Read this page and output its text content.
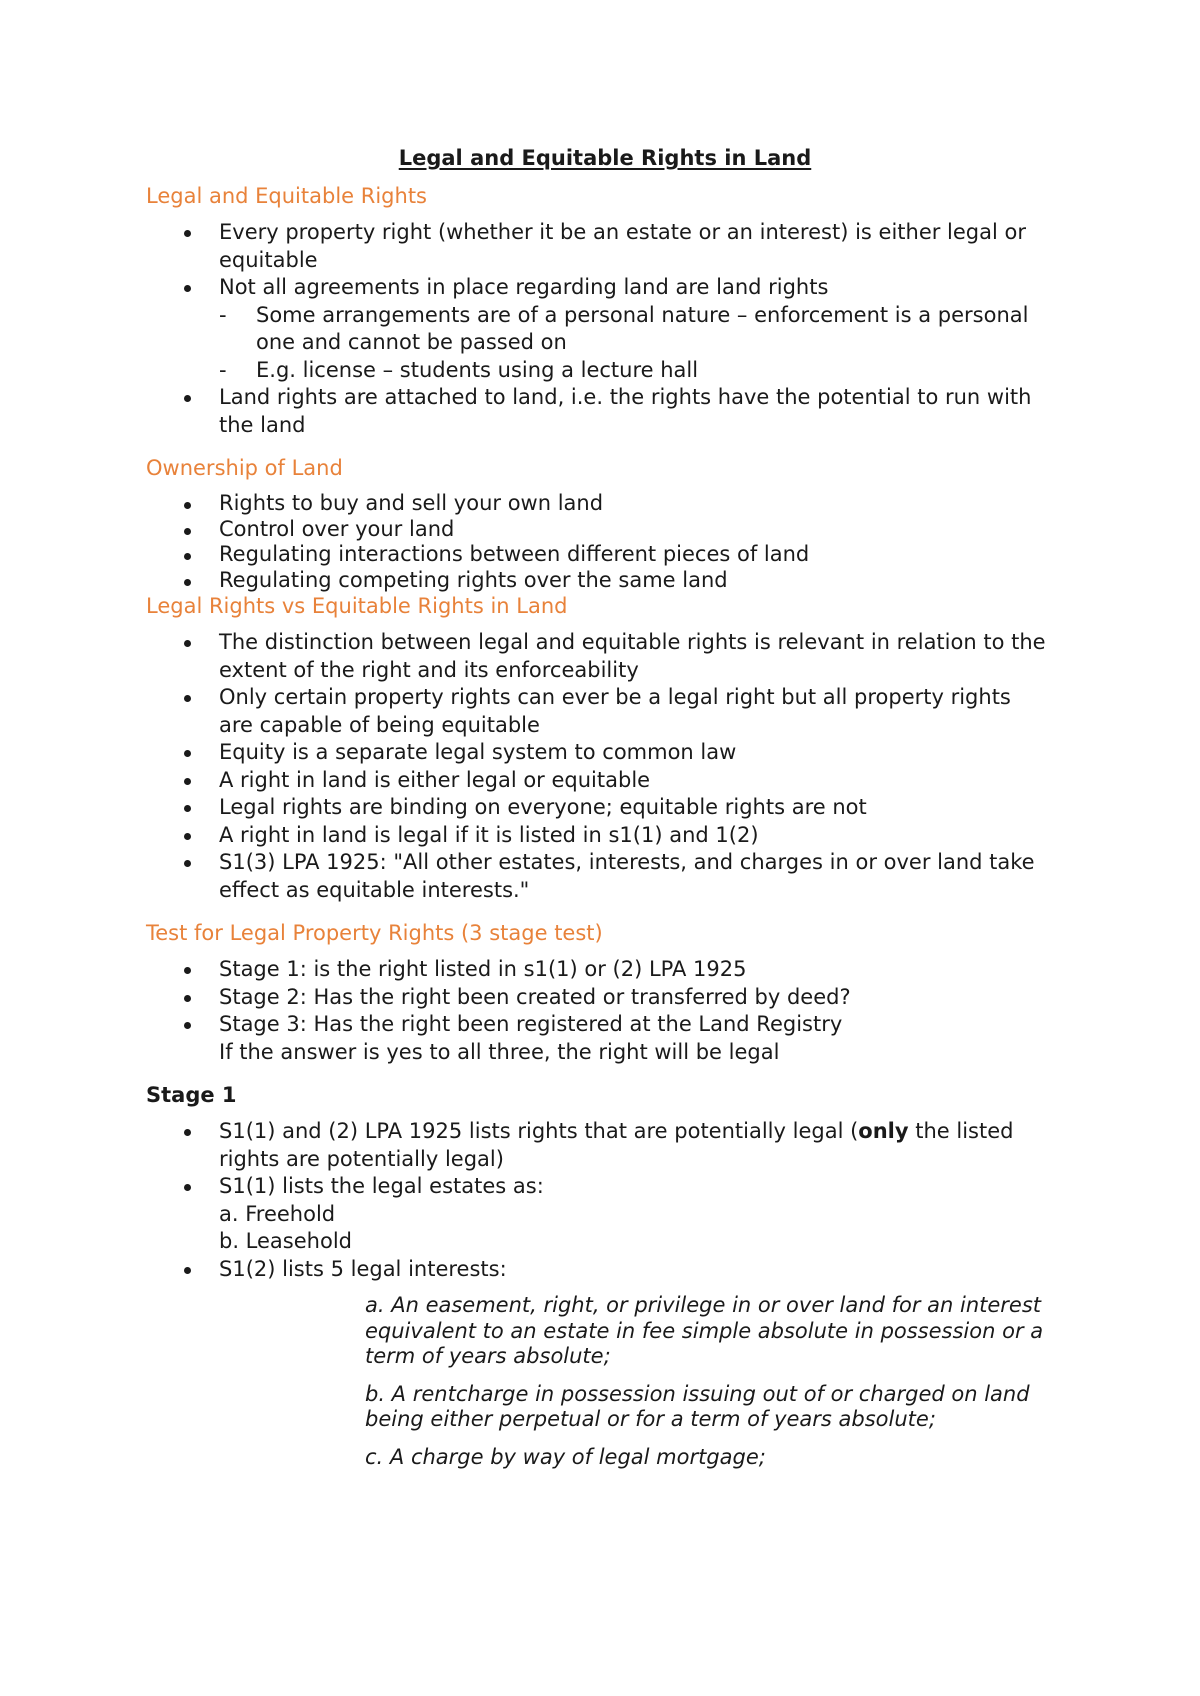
Legal and Equitable Rights in Land
Legal and Equitable Rights
Every property right (whether it be an estate or an interest) is either legal or equitable
Not all agreements in place regarding land are land rights
- Some arrangements are of a personal nature – enforcement is a personal one and cannot be passed on
- E.g. license – students using a lecture hall
Land rights are attached to land, i.e. the rights have the potential to run with the land
Ownership of Land
Rights to buy and sell your own land
Control over your land
Regulating interactions between different pieces of land
Regulating competing rights over the same land
Legal Rights vs Equitable Rights in Land
The distinction between legal and equitable rights is relevant in relation to the extent of the right and its enforceability
Only certain property rights can ever be a legal right but all property rights are capable of being equitable
Equity is a separate legal system to common law
A right in land is either legal or equitable
Legal rights are binding on everyone; equitable rights are not
A right in land is legal if it is listed in s1(1) and 1(2)
S1(3) LPA 1925: "All other estates, interests, and charges in or over land take effect as equitable interests."
Test for Legal Property Rights (3 stage test)
Stage 1: is the right listed in s1(1) or (2) LPA 1925
Stage 2: Has the right been created or transferred by deed?
Stage 3: Has the right been registered at the Land Registry
If the answer is yes to all three, the right will be legal
Stage 1
S1(1) and (2) LPA 1925 lists rights that are potentially legal (only the listed rights are potentially legal)
S1(1) lists the legal estates as:
a. Freehold
b. Leasehold
S1(2) lists 5 legal interests:

a. An easement, right, or privilege in or over land for an interest equivalent to an estate in fee simple absolute in possession or a term of years absolute;

b. A rentcharge in possession issuing out of or charged on land being either perpetual or for a term of years absolute;

c. A charge by way of legal mortgage;
